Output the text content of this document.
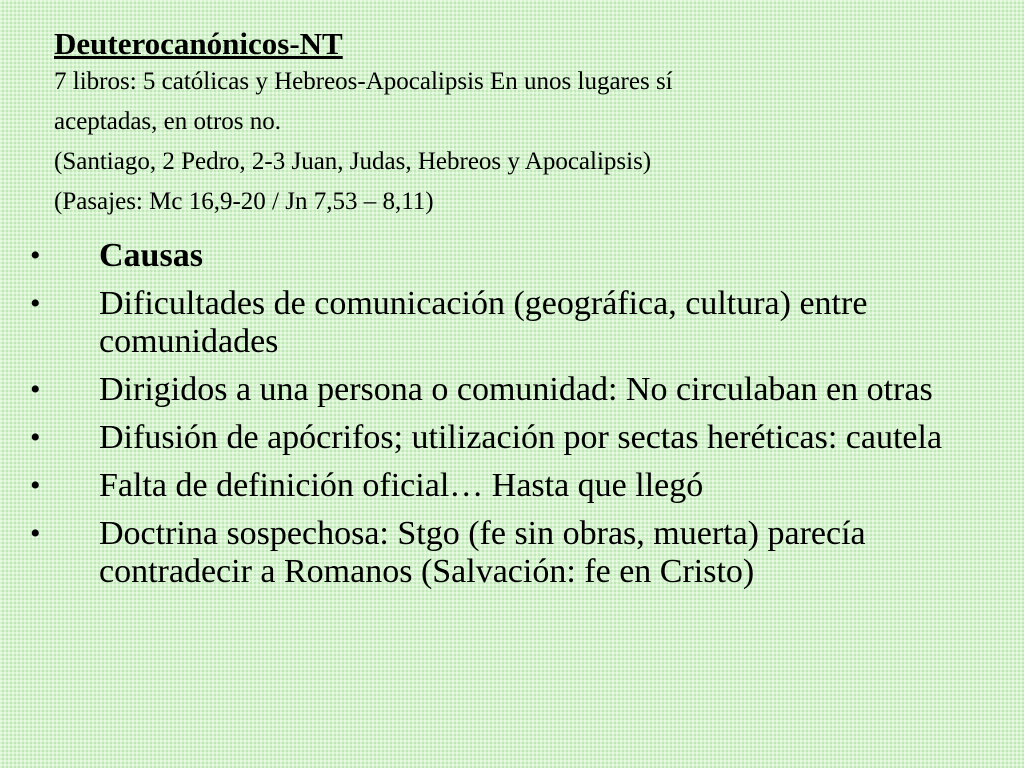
Deuterocanónicos-NT
7 libros: 5 católicas y Hebreos-Apocalipsis En unos lugares sí
aceptadas, en otros no.
(Santiago, 2 Pedro, 2-3 Juan, Judas, Hebreos y Apocalipsis)
(Pasajes: Mc 16,9-20 / Jn 7,53 – 8,11)
• Causas
• Dificultades de comunicación (geográfica, cultura) entre comunidades
• Dirigidos a una persona o comunidad: No circulaban en otras
• Difusión de apócrifos; utilización por sectas heréticas: cautela
• Falta de definición oficial… Hasta que llegó
• Doctrina sospechosa: Stgo (fe sin obras, muerta) parecía contradecir a Romanos (Salvación: fe en Cristo)
